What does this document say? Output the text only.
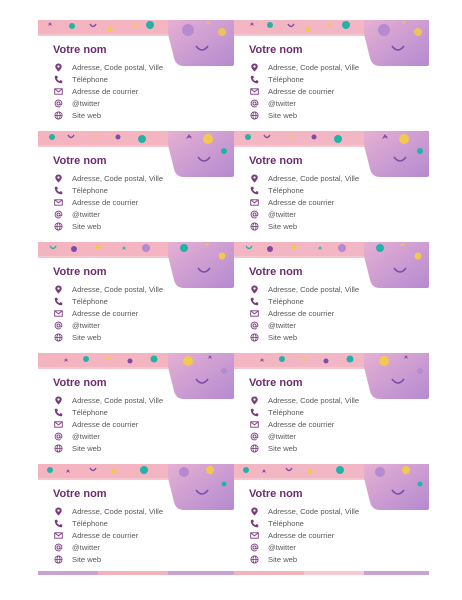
Votre nom
Adresse, Code postal, Ville
Téléphone
Adresse de courrier
@twitter
Site web
Votre nom
Adresse, Code postal, Ville
Téléphone
Adresse de courrier
@twitter
Site web
Votre nom
Adresse, Code postal, Ville
Téléphone
Adresse de courrier
@twitter
Site web
Votre nom
Adresse, Code postal, Ville
Téléphone
Adresse de courrier
@twitter
Site web
Votre nom
Adresse, Code postal, Ville
Téléphone
Adresse de courrier
@twitter
Site web
Votre nom
Adresse, Code postal, Ville
Téléphone
Adresse de courrier
@twitter
Site web
Votre nom
Adresse, Code postal, Ville
Téléphone
Adresse de courrier
@twitter
Site web
Votre nom
Adresse, Code postal, Ville
Téléphone
Adresse de courrier
@twitter
Site web
Votre nom
Adresse, Code postal, Ville
Téléphone
Adresse de courrier
@twitter
Site web
Votre nom
Adresse, Code postal, Ville
Téléphone
Adresse de courrier
@twitter
Site web
